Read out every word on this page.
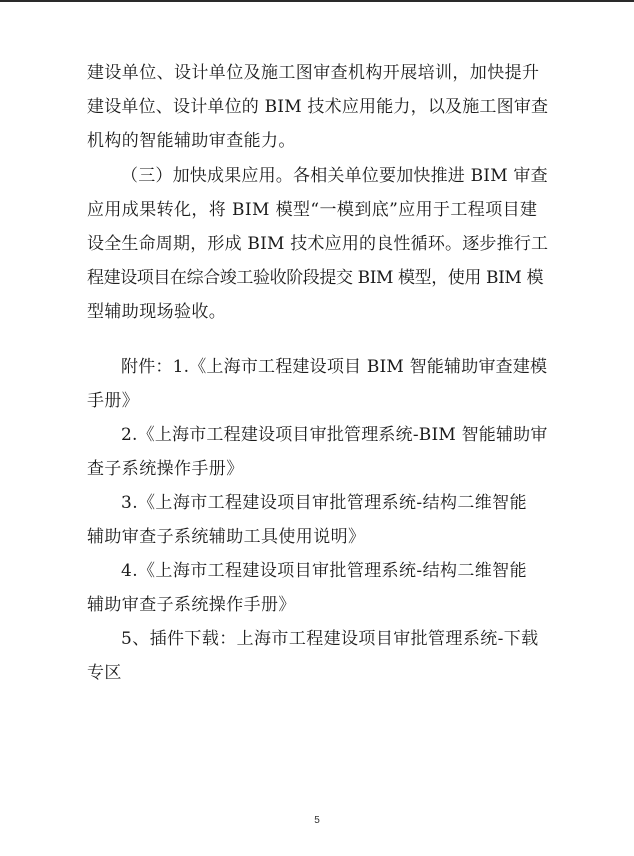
建设单位、设计单位及施工图审查机构开展培训，加快提升
建设单位、设计单位的 BIM 技术应用能力，以及施工图审查
机构的智能辅助审查能力。
（三）加快成果应用。各相关单位要加快推进 BIM 审查
应用成果转化，将 BIM 模型“一模到底”应用于工程项目建
设全生命周期，形成 BIM 技术应用的良性循环。逐步推行工
程建设项目在综合竣工验收阶段提交 BIM 模型，使用 BIM 模
型辅助现场验收。
附件：1.《上海市工程建设项目 BIM 智能辅助审查建模
手册》
2.《上海市工程建设项目审批管理系统-BIM 智能辅助审
查子系统操作手册》
3.《上海市工程建设项目审批管理系统-结构二维智能
辅助审查子系统辅助工具使用说明》
4.《上海市工程建设项目审批管理系统-结构二维智能
辅助审查子系统操作手册》
5、插件下载：上海市工程建设项目审批管理系统-下载
专区
5
